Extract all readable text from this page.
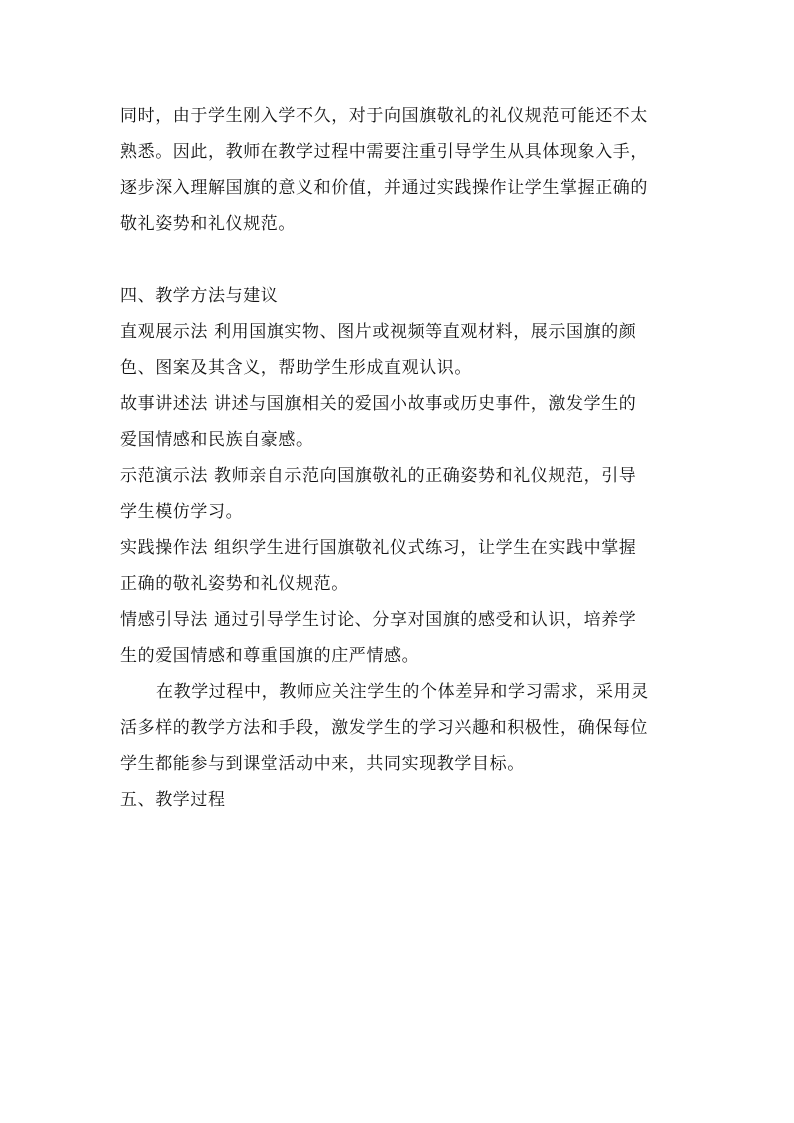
同时，由于学生刚入学不久，对于向国旗敬礼的礼仪规范可能还不太
熟悉。因此，教师在教学过程中需要注重引导学生从具体现象入手，
逐步深入理解国旗的意义和价值，并通过实践操作让学生掌握正确的
敬礼姿势和礼仪规范。
四、教学方法与建议
直观展示法 利用国旗实物、图片或视频等直观材料，展示国旗的颜
色、图案及其含义，帮助学生形成直观认识。
故事讲述法 讲述与国旗相关的爱国小故事或历史事件，激发学生的
爱国情感和民族自豪感。
示范演示法 教师亲自示范向国旗敬礼的正确姿势和礼仪规范，引导
学生模仿学习。
实践操作法 组织学生进行国旗敬礼仪式练习，让学生在实践中掌握
正确的敬礼姿势和礼仪规范。
情感引导法 通过引导学生讨论、分享对国旗的感受和认识，培养学
生的爱国情感和尊重国旗的庄严情感。
在教学过程中，教师应关注学生的个体差异和学习需求，采用灵
活多样的教学方法和手段，激发学生的学习兴趣和积极性，确保每位
学生都能参与到课堂活动中来，共同实现教学目标。
五、教学过程
